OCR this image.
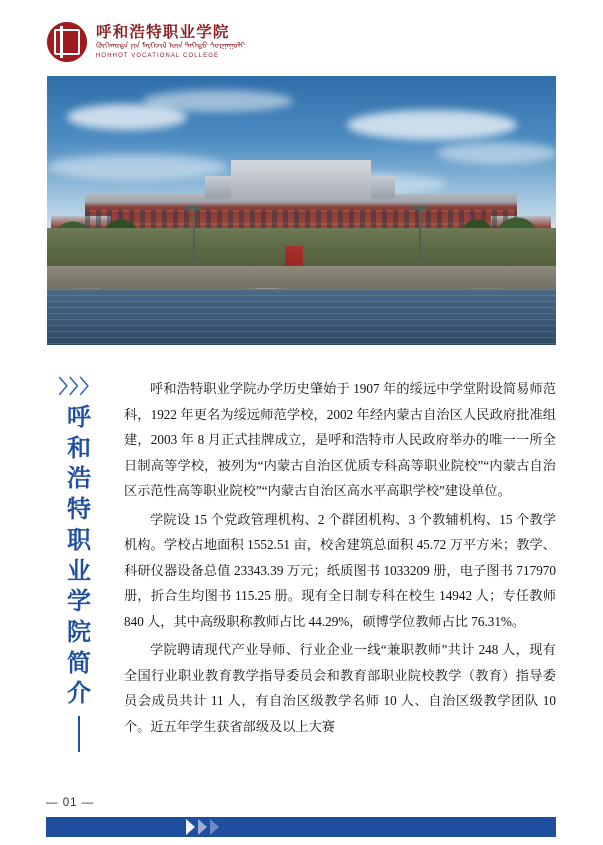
呼和浩特职业学院
ᠬᠥᠬᠡᠬᠣᠲᠠ ᠶᠢᠨ ᠮᠡᠷᠭᠡᠵᠢᠯ ᠦᠨ ᠳᠡᠭᠡᠳᠦ ᠰᠤᠷᠭᠠᠭᠤᠯᠢ
HOHHOT VOCATIONAL COLLEGE
〉〉〉
呼
和
浩
特
职
业
学
院
简
介

呼和浩特职业学院办学历史肇始于 1907 年的绥远中学堂附设简易师范科，1922 年更名为绥远师范学校，2002 年经内蒙古自治区人民政府批准组建，2003 年 8 月正式挂牌成立，是呼和浩特市人民政府举办的唯一一所全日制高等学校，被列为“内蒙古自治区优质专科高等职业院校”“内蒙古自治区示范性高等职业院校”“内蒙古自治区高水平高职学校”建设单位。

学院设 15 个党政管理机构、2 个群团机构、3 个教辅机构、15 个教学机构。学校占地面积 1552.51 亩，校舍建筑总面积 45.72 万平方米；教学、科研仪器设备总值 23343.39 万元；纸质图书 1033209 册，电子图书 717970 册，折合生均图书 115.25 册。现有全日制专科在校生 14942 人；专任教师 840 人，其中高级职称教师占比 44.29%，硕博学位教师占比 76.31%。

学院聘请现代产业导师、行业企业一线“兼职教师”共计 248 人，现有全国行业职业教育教学指导委员会和教育部职业院校教学（教育）指导委员会成员共计 11 人，有自治区级教学名师 10 人、自治区级教学团队 10 个。近五年学生获省部级及以上大赛

— 01 —
